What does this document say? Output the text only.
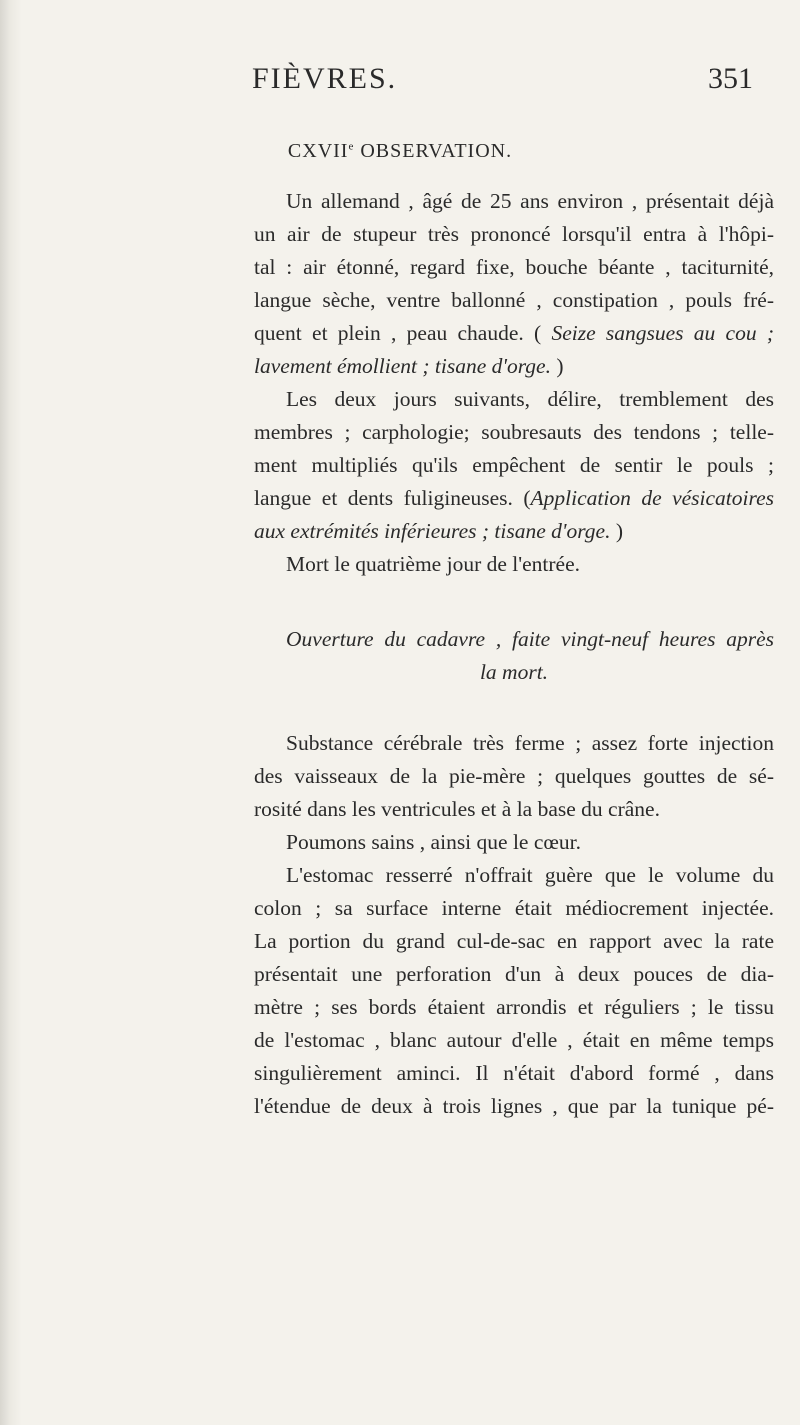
FIÈVRES.	351
CXVIIe OBSERVATION.
Un allemand , âgé de 25 ans environ , présentait déjà
un air de stupeur très prononcé lorsqu'il entra à l'hôpi-
tal : air étonné, regard fixe, bouche béante , taciturnité,
langue sèche, ventre ballonné , constipation , pouls fré-
quent et plein , peau chaude. ( Seize sangsues au cou ;
lavement émollient ; tisane d'orge. )
Les deux jours suivants, délire, tremblement des
membres ; carphologie; soubresauts des tendons ; telle-
ment multipliés qu'ils empêchent de sentir le pouls ;
langue et dents fuligineuses. (Application de vésicatoires
aux extrémités inférieures ; tisane d'orge. )
Mort le quatrième jour de l'entrée.
Ouverture du cadavre , faite vingt-neuf heures après
la mort.
Substance cérébrale très ferme ; assez forte injection
des vaisseaux de la pie-mère ; quelques gouttes de sé-
rosité dans les ventricules et à la base du crâne.
Poumons sains , ainsi que le cœur.
L'estomac resserré n'offrait guère que le volume du
colon ; sa surface interne était médiocrement injectée.
La portion du grand cul-de-sac en rapport avec la rate
présentait une perforation d'un à deux pouces de dia-
mètre ; ses bords étaient arrondis et réguliers ; le tissu
de l'estomac , blanc autour d'elle , était en même temps
singulièrement aminci. Il n'était d'abord formé , dans
l'étendue de deux à trois lignes , que par la tunique pé-
